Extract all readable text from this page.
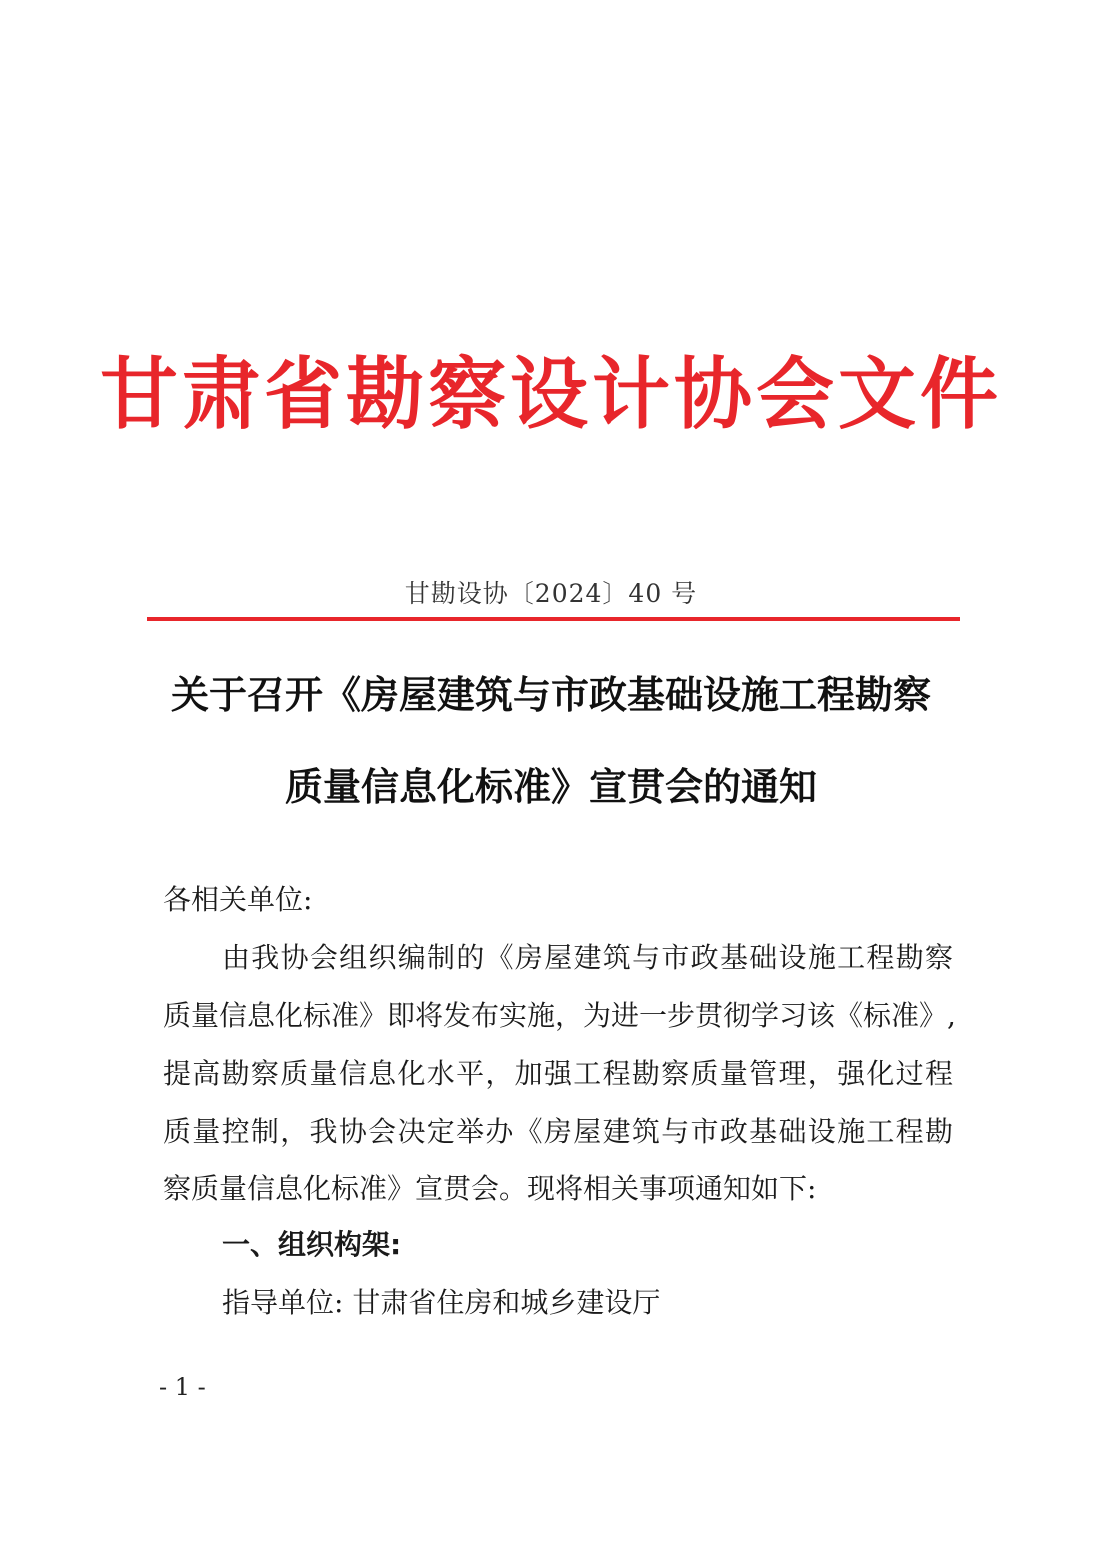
甘肃省勘察设计协会文件
甘勘设协〔2024〕40 号
关于召开《房屋建筑与市政基础设施工程勘察
质量信息化标准》宣贯会的通知
各相关单位:
由我协会组织编制的《房屋建筑与市政基础设施工程勘察
质量信息化标准》即将发布实施，为进一步贯彻学习该《标准》,
提高勘察质量信息化水平，加强工程勘察质量管理，强化过程
质量控制，我协会决定举办《房屋建筑与市政基础设施工程勘
察质量信息化标准》宣贯会。现将相关事项通知如下:
一、组织构架:
指导单位: 甘肃省住房和城乡建设厅
- 1 -
